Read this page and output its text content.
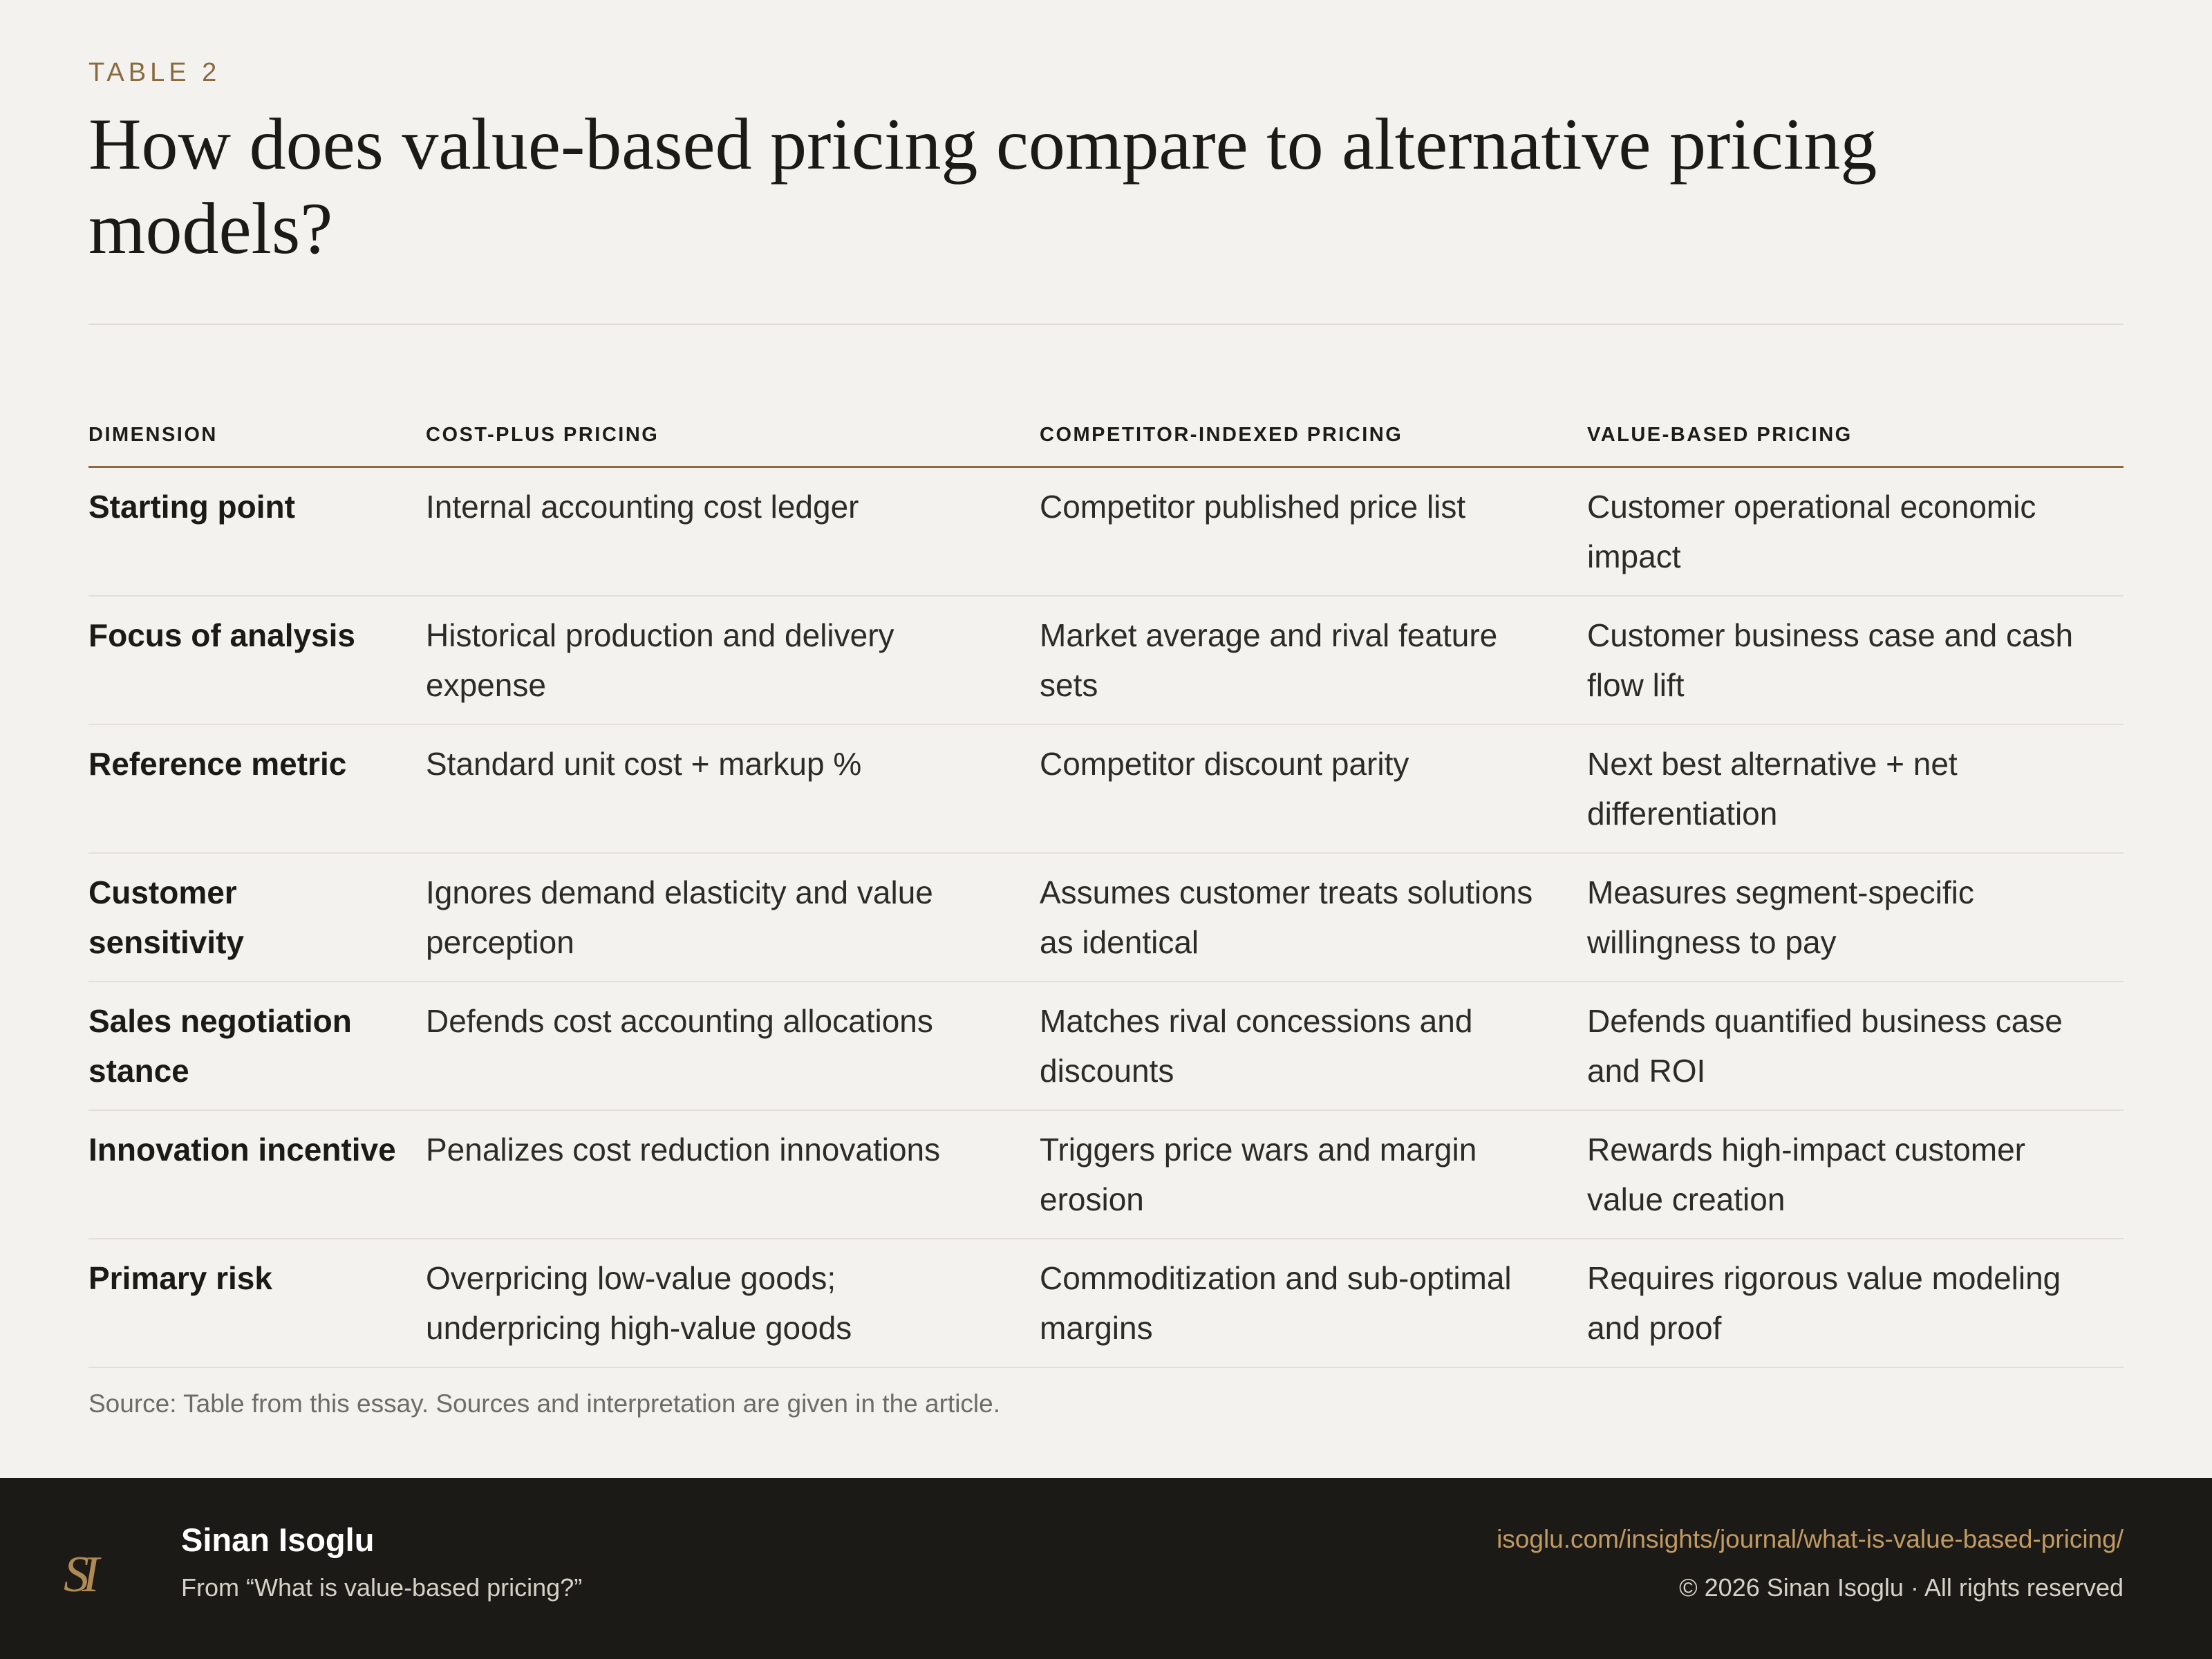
TABLE 2
How does value-based pricing compare to alternative pricing models?
DIMENSION	COST-PLUS PRICING	COMPETITOR-INDEXED PRICING	VALUE-BASED PRICING
Starting point	Internal accounting cost ledger	Competitor published price list	Customer operational economic impact
Focus of analysis	Historical production and delivery expense	Market average and rival feature sets	Customer business case and cash flow lift
Reference metric	Standard unit cost + markup %	Competitor discount parity	Next best alternative + net differentiation
Customer sensitivity	Ignores demand elasticity and value perception	Assumes customer treats solutions as identical	Measures segment-specific willingness to pay
Sales negotiation stance	Defends cost accounting allocations	Matches rival concessions and discounts	Defends quantified business case and ROI
Innovation incentive	Penalizes cost reduction innovations	Triggers price wars and margin erosion	Rewards high-impact customer value creation
Primary risk	Overpricing low-value goods; underpricing high-value goods	Commoditization and sub-optimal margins	Requires rigorous value modeling and proof
Source: Table from this essay. Sources and interpretation are given in the article.
SI
Sinan Isoglu
From “What is value-based pricing?”
isoglu.com/insights/journal/what-is-value-based-pricing/
© 2026 Sinan Isoglu · All rights reserved
